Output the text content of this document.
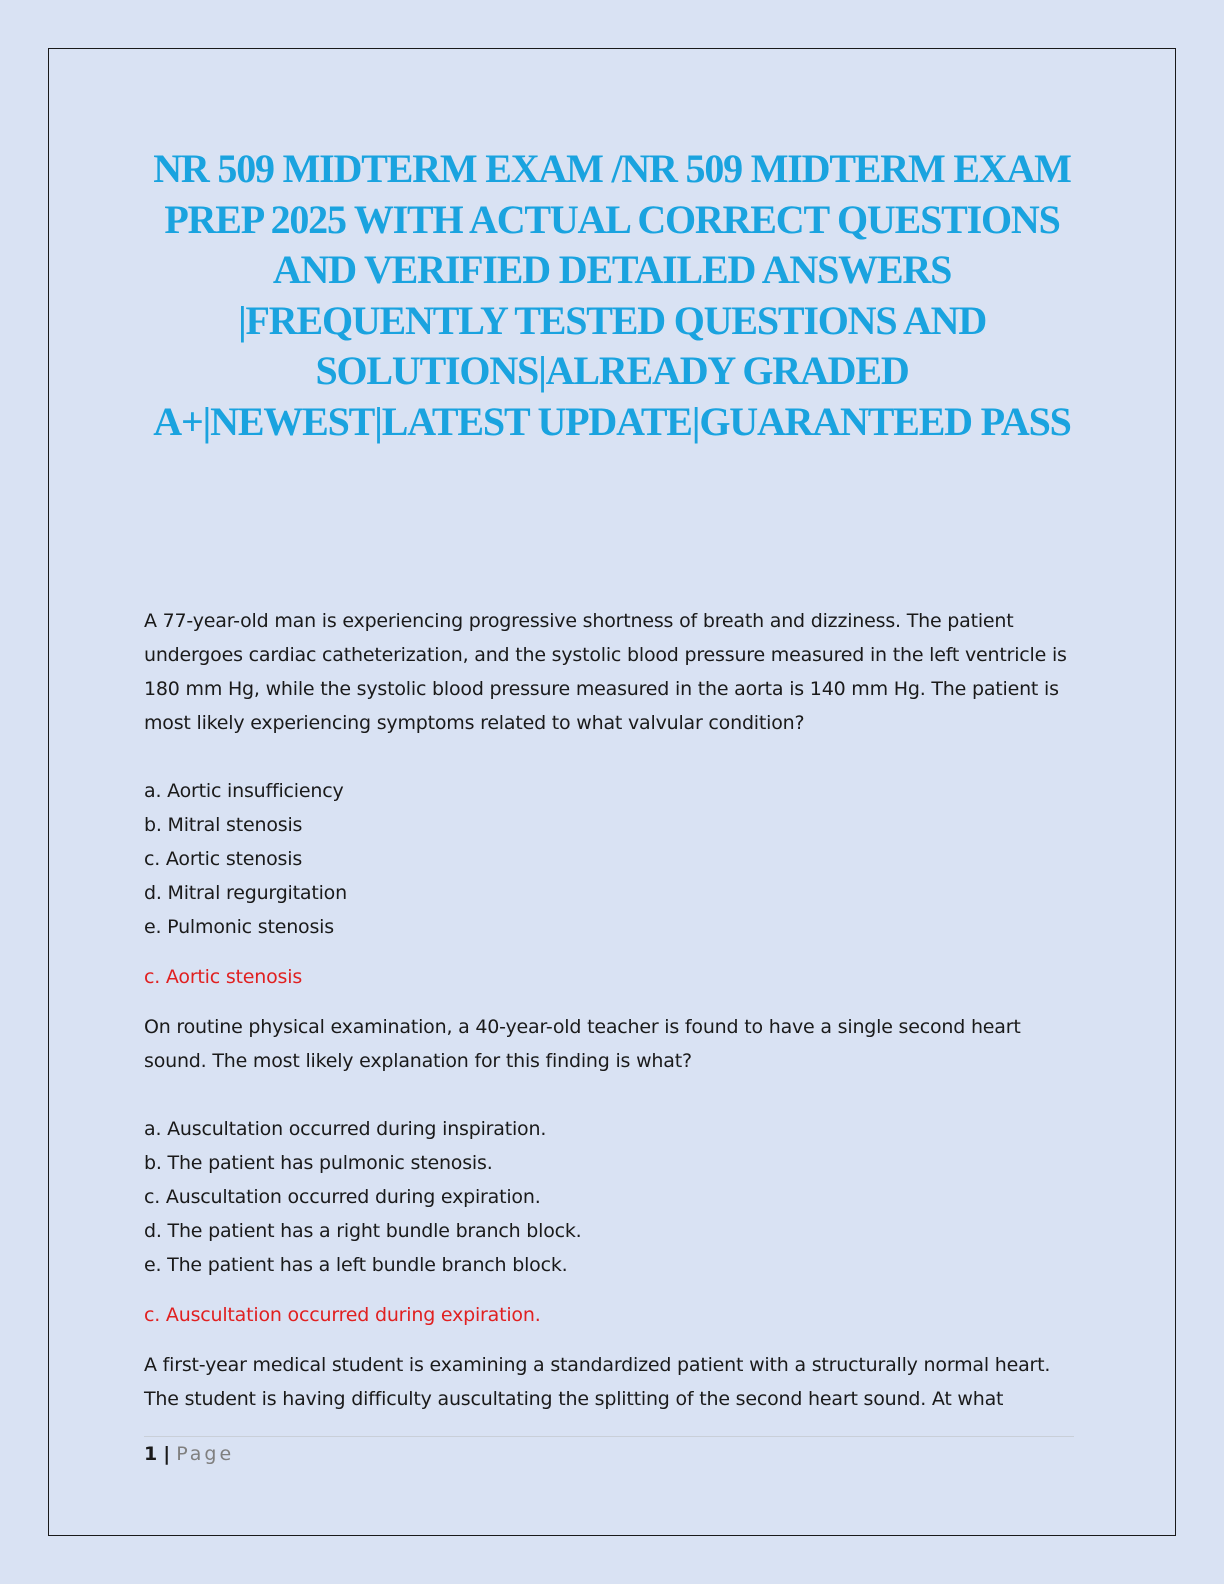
NR 509 MIDTERM EXAM /NR 509 MIDTERM EXAM PREP 2025 WITH ACTUAL CORRECT QUESTIONS AND VERIFIED DETAILED ANSWERS |FREQUENTLY TESTED QUESTIONS AND SOLUTIONS|ALREADY GRADED A+|NEWEST|LATEST UPDATE|GUARANTEED PASS

A 77-year-old man is experiencing progressive shortness of breath and dizziness. The patient undergoes cardiac catheterization, and the systolic blood pressure measured in the left ventricle is 180 mm Hg, while the systolic blood pressure measured in the aorta is 140 mm Hg. The patient is most likely experiencing symptoms related to what valvular condition?

a. Aortic insufficiency

b. Mitral stenosis

c. Aortic stenosis

d. Mitral regurgitation

e. Pulmonic stenosis

c. Aortic stenosis

On routine physical examination, a 40-year-old teacher is found to have a single second heart sound. The most likely explanation for this finding is what?

a. Auscultation occurred during inspiration.

b. The patient has pulmonic stenosis.

c. Auscultation occurred during expiration.

d. The patient has a right bundle branch block.

e. The patient has a left bundle branch block.

c. Auscultation occurred during expiration.

A first-year medical student is examining a standardized patient with a structurally normal heart. The student is having difficulty auscultating the splitting of the second heart sound. At what

1 | Page
